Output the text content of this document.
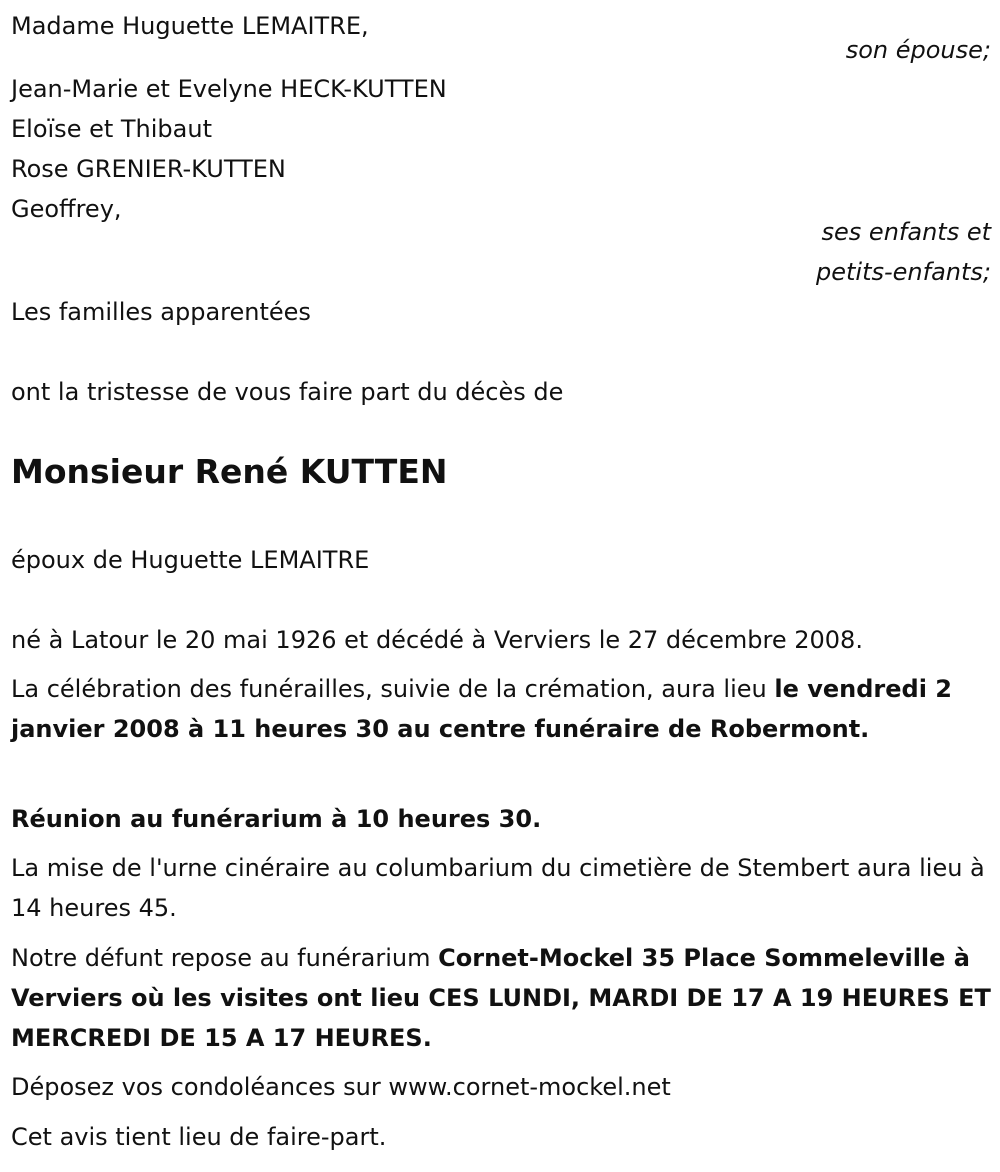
Madame Huguette LEMAITRE,
son épouse;
Jean-Marie et Evelyne HECK-KUTTEN
Eloïse et Thibaut
Rose GRENIER-KUTTEN
Geoffrey,
ses enfants et
petits-enfants;
Les familles apparentées
ont la tristesse de vous faire part du décès de
Monsieur René KUTTEN
époux de Huguette LEMAITRE
né à Latour le 20 mai 1926 et décédé à Verviers le 27 décembre 2008.
La célébration des funérailles, suivie de la crémation, aura lieu le vendredi 2 janvier 2008 à 11 heures 30 au centre funéraire de Robermont.
Réunion au funérarium à 10 heures 30.
La mise de l'urne cinéraire au columbarium du cimetière de Stembert aura lieu à 14 heures 45.
Notre défunt repose au funérarium Cornet-Mockel 35 Place Sommeleville à Verviers où les visites ont lieu CES LUNDI, MARDI DE 17 A 19 HEURES ET MERCREDI DE 15 A 17 HEURES.
Déposez vos condoléances sur www.cornet-mockel.net
Cet avis tient lieu de faire-part.
